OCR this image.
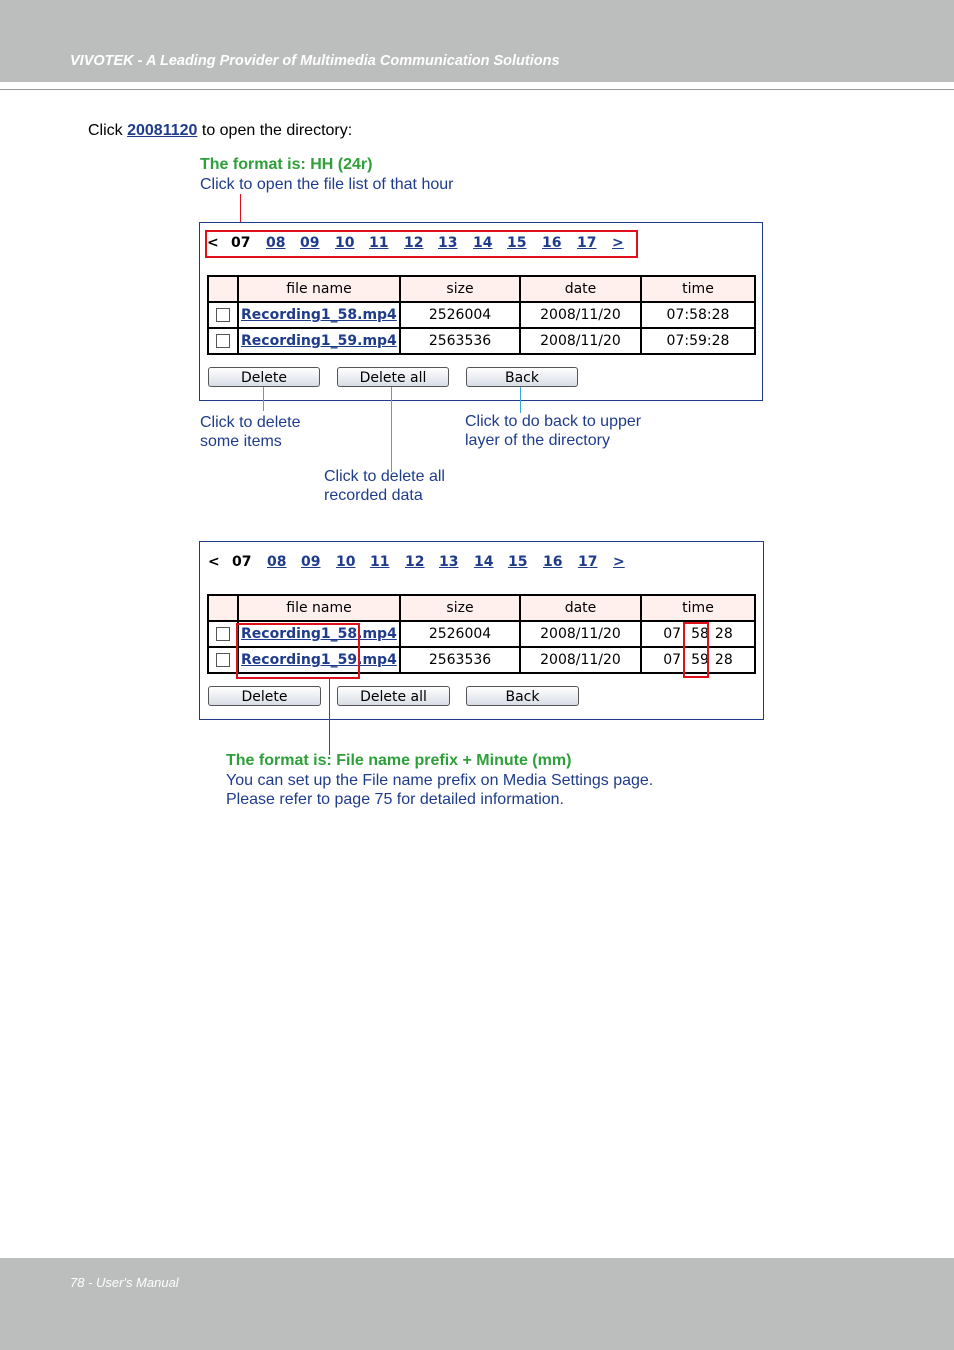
VIVOTEK - A Leading Provider of Multimedia Communication Solutions
Click 20081120 to open the directory:
The format is: HH (24r)
Click to open the file list of that hour
< 07 08 09 10 11 12 13 14 15 16 17 >
	file name	size	date	time
	Recording1_58.mp4	2526004	2008/11/20	07:58:28
	Recording1_59.mp4	2563536	2008/11/20	07:59:28
Delete	Delete all	Back
Click to delete
some items
Click to do back to upper
layer of the directory
Click to delete all
recorded data
< 07 08 09 10 11 12 13 14 15 16 17 >
	file name	size	date	time
	Recording1_58.mp4	2526004	2008/11/20	07 58 28
	Recording1_59.mp4	2563536	2008/11/20	07 59 28
Delete	Delete all	Back
The format is: File name prefix + Minute (mm)
You can set up the File name prefix on Media Settings page.
Please refer to page 75 for detailed information.
78 - User's Manual
